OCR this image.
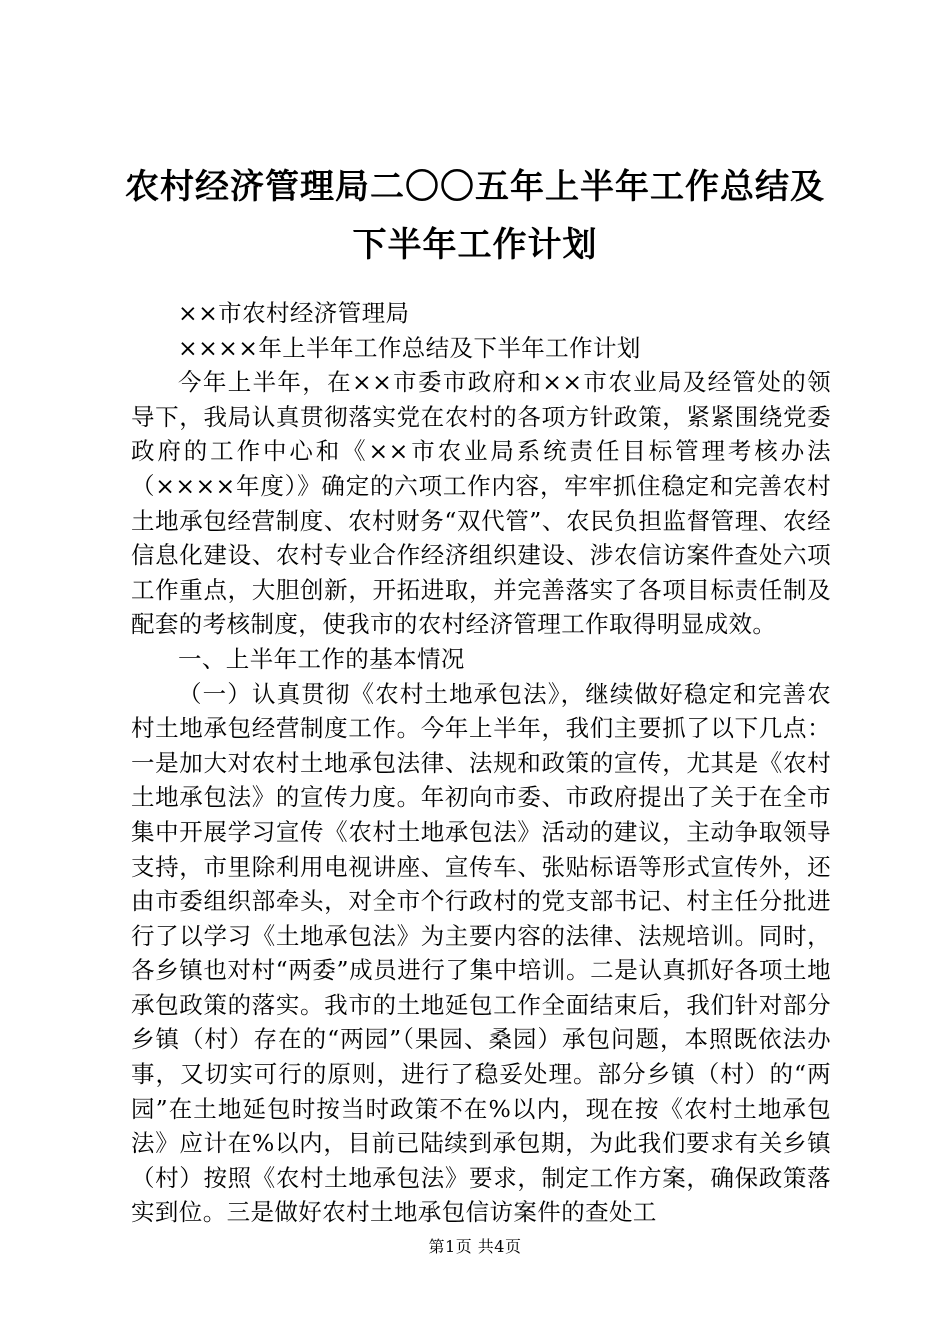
农村经济管理局二〇〇五年上半年工作总结及下半年工作计划

××市农村经济管理局

××××年上半年工作总结及下半年工作计划

今年上半年，在××市委市政府和××市农业局及经管处的领导下，我局认真贯彻落实党在农村的各项方针政策，紧紧围绕党委政府的工作中心和《××市农业局系统责任目标管理考核办法（××××年度）》确定的六项工作内容，牢牢抓住稳定和完善农村土地承包经营制度、农村财务“双代管”、农民负担监督管理、农经信息化建设、农村专业合作经济组织建设、涉农信访案件查处六项工作重点，大胆创新，开拓进取，并完善落实了各项目标责任制及配套的考核制度，使我市的农村经济管理工作取得明显成效。

一、上半年工作的基本情况

（一）认真贯彻《农村土地承包法》，继续做好稳定和完善农村土地承包经营制度工作。今年上半年，我们主要抓了以下几点：一是加大对农村土地承包法律、法规和政策的宣传，尤其是《农村土地承包法》的宣传力度。年初向市委、市政府提出了关于在全市集中开展学习宣传《农村土地承包法》活动的建议，主动争取领导支持，市里除利用电视讲座、宣传车、张贴标语等形式宣传外，还由市委组织部牵头，对全市个行政村的党支部书记、村主任分批进行了以学习《土地承包法》为主要内容的法律、法规培训。同时，各乡镇也对村“两委”成员进行了集中培训。二是认真抓好各项土地承包政策的落实。我市的土地延包工作全面结束后，我们针对部分乡镇（村）存在的“两园”（果园、桑园）承包问题，本照既依法办事，又切实可行的原则，进行了稳妥处理。部分乡镇（村）的“两园”在土地延包时按当时政策不在%以内，现在按《农村土地承包法》应计在%以内，目前已陆续到承包期，为此我们要求有关乡镇（村）按照《农村土地承包法》要求，制定工作方案，确保政策落实到位。三是做好农村土地承包信访案件的查处工

第1页 共4页
